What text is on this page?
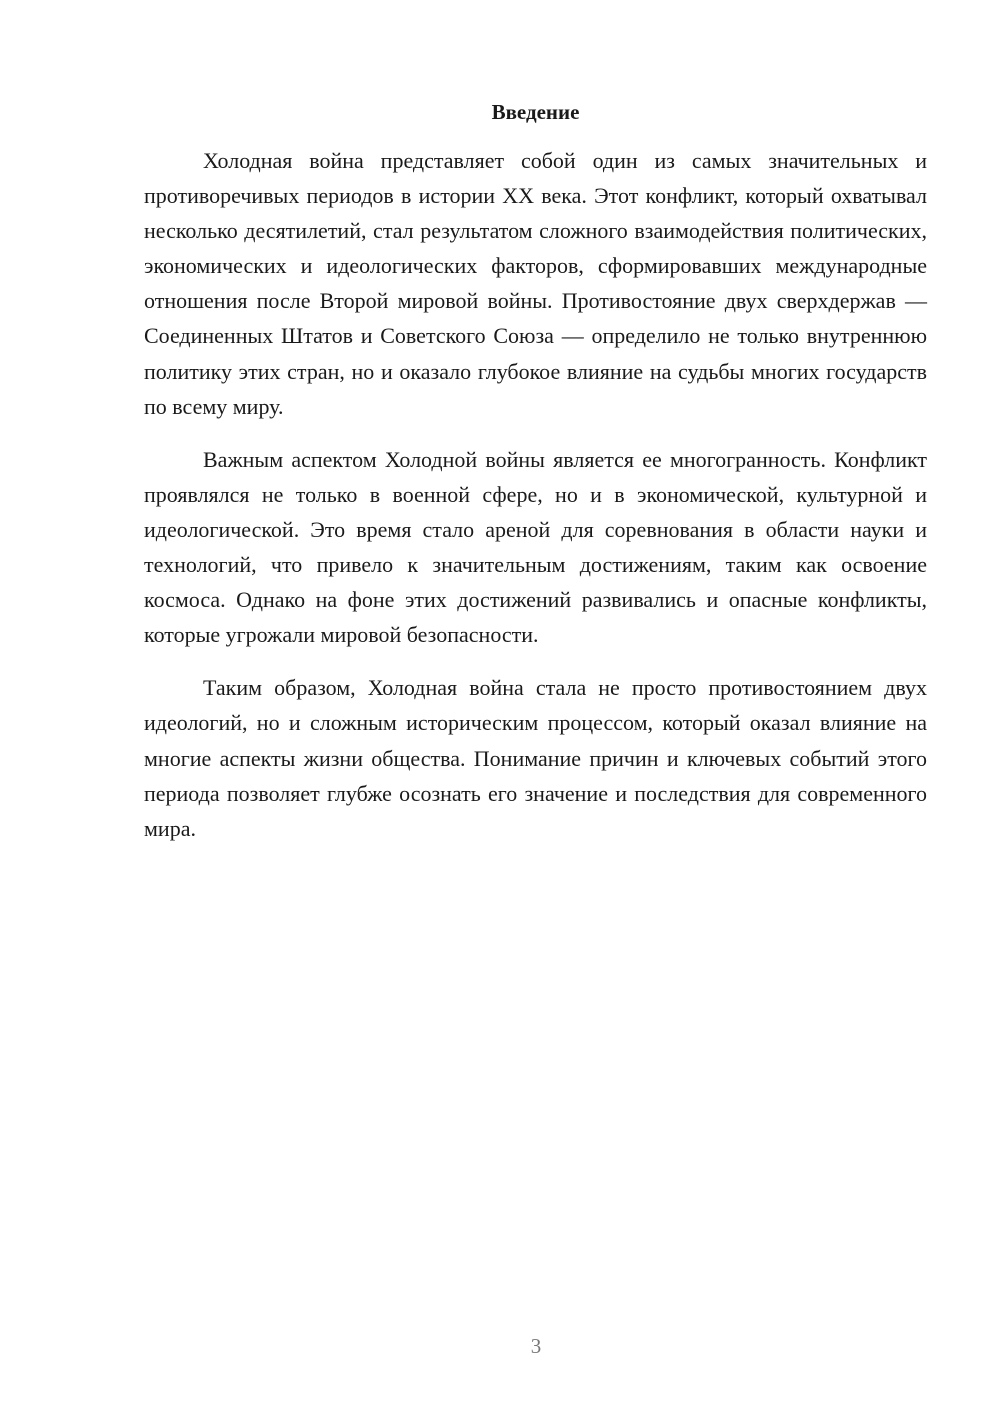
Введение

Холодная война представляет собой один из самых значительных и противоречивых периодов в истории XX века. Этот конфликт, который охватывал несколько десятилетий, стал результатом сложного взаимодействия политических, экономических и идеологических факторов, сформировавших международные отношения после Второй мировой войны. Противостояние двух сверхдержав — Соединенных Штатов и Советского Союза — определило не только внутреннюю политику этих стран, но и оказало глубокое влияние на судьбы многих государств по всему миру.

Важным аспектом Холодной войны является ее многогранность. Конфликт проявлялся не только в военной сфере, но и в экономической, культурной и идеологической. Это время стало ареной для соревнования в области науки и технологий, что привело к значительным достижениям, таким как освоение космоса. Однако на фоне этих достижений развивались и опасные конфликты, которые угрожали мировой безопасности.

Таким образом, Холодная война стала не просто противостоянием двух идеологий, но и сложным историческим процессом, который оказал влияние на многие аспекты жизни общества. Понимание причин и ключевых событий этого периода позволяет глубже осознать его значение и последствия для современного мира.

3
